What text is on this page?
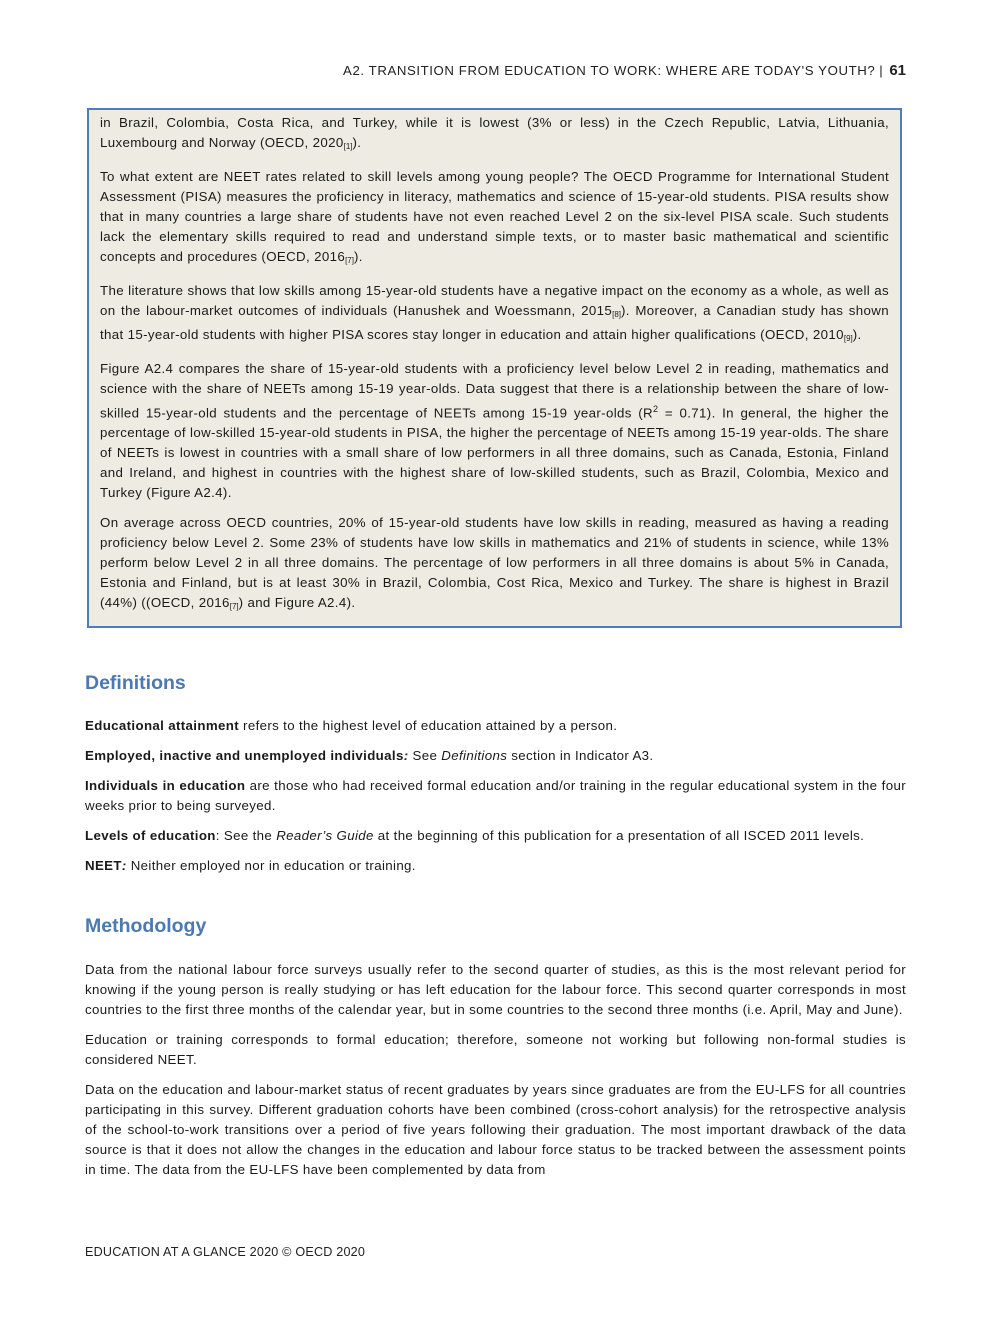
A2. TRANSITION FROM EDUCATION TO WORK: WHERE ARE TODAY'S YOUTH? | 61

in Brazil, Colombia, Costa Rica, and Turkey, while it is lowest (3% or less) in the Czech Republic, Latvia, Lithuania, Luxembourg and Norway (OECD, $2020_{[1]}$).

To what extent are NEET rates related to skill levels among young people? The OECD Programme for International Student Assessment (PISA) measures the proficiency in literacy, mathematics and science of 15-year-old students. PISA results show that in many countries a large share of students have not even reached Level 2 on the six-level PISA scale. Such students lack the elementary skills required to read and understand simple texts, or to master basic mathematical and scientific concepts and procedures (OECD, $2016_{[7]}$).

The literature shows that low skills among 15-year-old students have a negative impact on the economy as a whole, as well as on the labour-market outcomes of individuals (Hanushek and Woessmann, $2015_{[8]}$). Moreover, a Canadian study has shown that 15-year-old students with higher PISA scores stay longer in education and attain higher qualifications (OECD, $2010_{[9]}$).

Figure A2.4 compares the share of 15-year-old students with a proficiency level below Level 2 in reading, mathematics and science with the share of NEETs among 15-19 year-olds. Data suggest that there is a relationship between the share of low-skilled 15-year-old students and the percentage of NEETs among 15-19 year-olds $(R^2 = 0.71)$. In general, the higher the percentage of low-skilled 15-year-old students in PISA, the higher the percentage of NEETs among 15-19 year-olds. The share of NEETs is lowest in countries with a small share of low performers in all three domains, such as Canada, Estonia, Finland and Ireland, and highest in countries with the highest share of low-skilled students, such as Brazil, Colombia, Mexico and Turkey (Figure A2.4).

On average across OECD countries, 20% of 15-year-old students have low skills in reading, measured as having a reading proficiency below Level 2. Some 23% of students have low skills in mathematics and 21% of students in science, while 13% perform below Level 2 in all three domains. The percentage of low performers in all three domains is about 5% in Canada, Estonia and Finland, but is at least 30% in Brazil, Colombia, Cost Rica, Mexico and Turkey. The share is highest in Brazil (44%) ((OECD, $2016_{[7]}$) and Figure A2.4).

Definitions

Educational attainment refers to the highest level of education attained by a person.

Employed, inactive and unemployed individuals: See Definitions section in Indicator A3.

Individuals in education are those who had received formal education and/or training in the regular educational system in the four weeks prior to being surveyed.

Levels of education: See the Reader’s Guide at the beginning of this publication for a presentation of all ISCED 2011 levels.

NEET: Neither employed nor in education or training.

Methodology

Data from the national labour force surveys usually refer to the second quarter of studies, as this is the most relevant period for knowing if the young person is really studying or has left education for the labour force. This second quarter corresponds in most countries to the first three months of the calendar year, but in some countries to the second three months (i.e. April, May and June).

Education or training corresponds to formal education; therefore, someone not working but following non-formal studies is considered NEET.

Data on the education and labour-market status of recent graduates by years since graduates are from the EU-LFS for all countries participating in this survey. Different graduation cohorts have been combined (cross-cohort analysis) for the retrospective analysis of the school-to-work transitions over a period of five years following their graduation. The most important drawback of the data source is that it does not allow the changes in the education and labour force status to be tracked between the assessment points in time. The data from the EU-LFS have been complemented by data from

EDUCATION AT A GLANCE 2020 © OECD 2020
